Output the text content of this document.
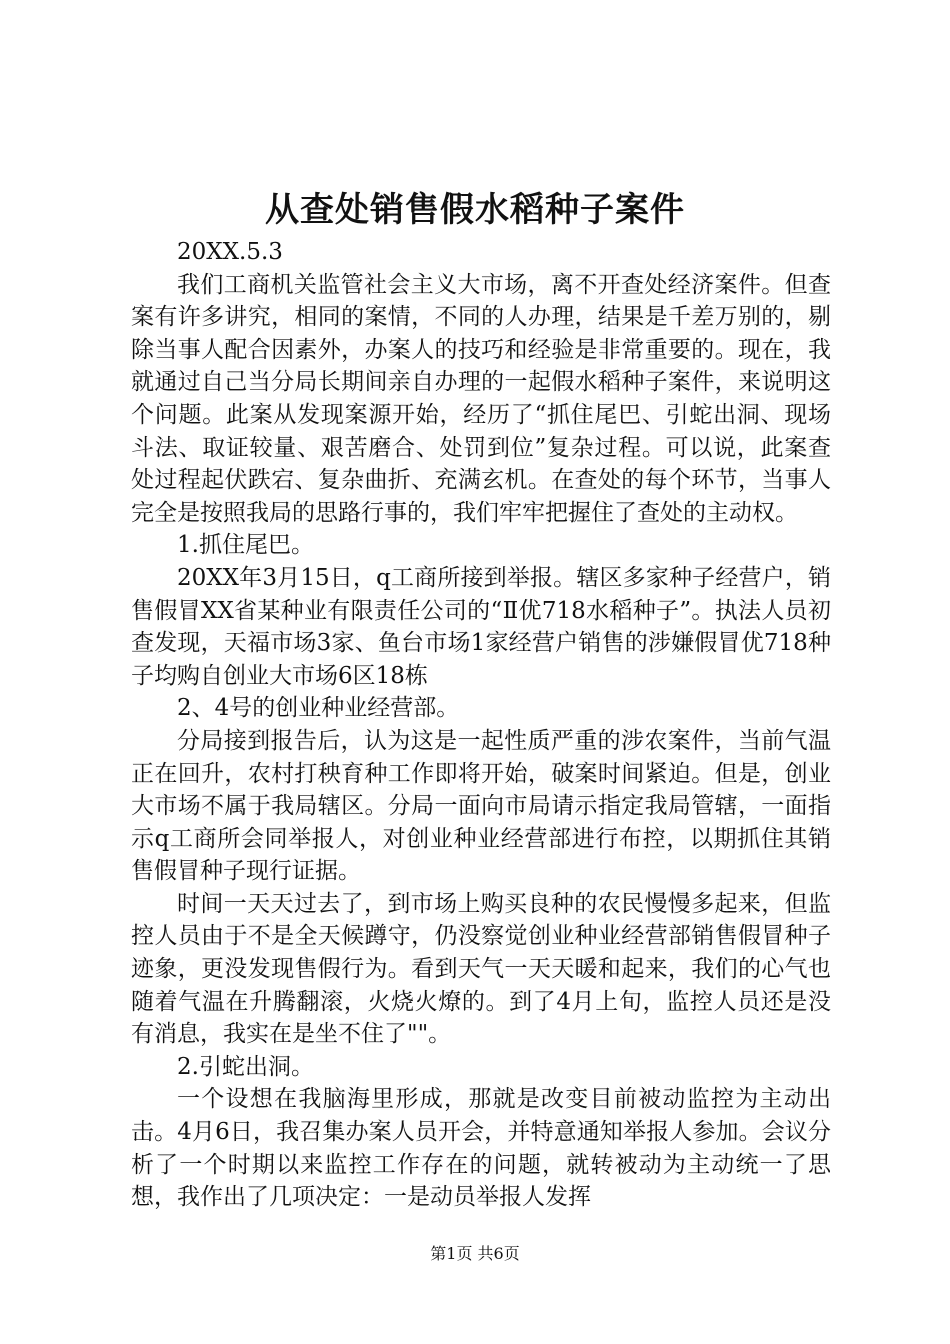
从查处销售假水稻种子案件

20XX.5.3

我们工商机关监管社会主义大市场，离不开查处经济案件。但查案有许多讲究，相同的案情，不同的人办理，结果是千差万别的，剔除当事人配合因素外，办案人的技巧和经验是非常重要的。现在，我就通过自己当分局长期间亲自办理的一起假水稻种子案件，来说明这个问题。此案从发现案源开始，经历了“抓住尾巴、引蛇出洞、现场斗法、取证较量、艰苦磨合、处罚到位”复杂过程。可以说，此案查处过程起伏跌宕、复杂曲折、充满玄机。在查处的每个环节，当事人完全是按照我局的思路行事的，我们牢牢把握住了查处的主动权。

1.抓住尾巴。

20XX年3月15日，q工商所接到举报。辖区多家种子经营户，销售假冒XX省某种业有限责任公司的“Ⅱ优718水稻种子”。执法人员初查发现，天福市场3家、鱼台市场1家经营户销售的涉嫌假冒优718种子均购自创业大市场6区18栋

2、4号的创业种业经营部。

分局接到报告后，认为这是一起性质严重的涉农案件，当前气温正在回升，农村打秧育种工作即将开始，破案时间紧迫。但是，创业大市场不属于我局辖区。分局一面向市局请示指定我局管辖，一面指示q工商所会同举报人，对创业种业经营部进行布控，以期抓住其销售假冒种子现行证据。

时间一天天过去了，到市场上购买良种的农民慢慢多起来，但监控人员由于不是全天候蹲守，仍没察觉创业种业经营部销售假冒种子迹象，更没发现售假行为。看到天气一天天暖和起来，我们的心气也随着气温在升腾翻滚，火烧火燎的。到了4月上旬，监控人员还是没有消息，我实在是坐不住了""。

2.引蛇出洞。

一个设想在我脑海里形成，那就是改变目前被动监控为主动出击。4月6日，我召集办案人员开会，并特意通知举报人参加。会议分析了一个时期以来监控工作存在的问题，就转被动为主动统一了思想，我作出了几项决定：一是动员举报人发挥

第1页 共6页
